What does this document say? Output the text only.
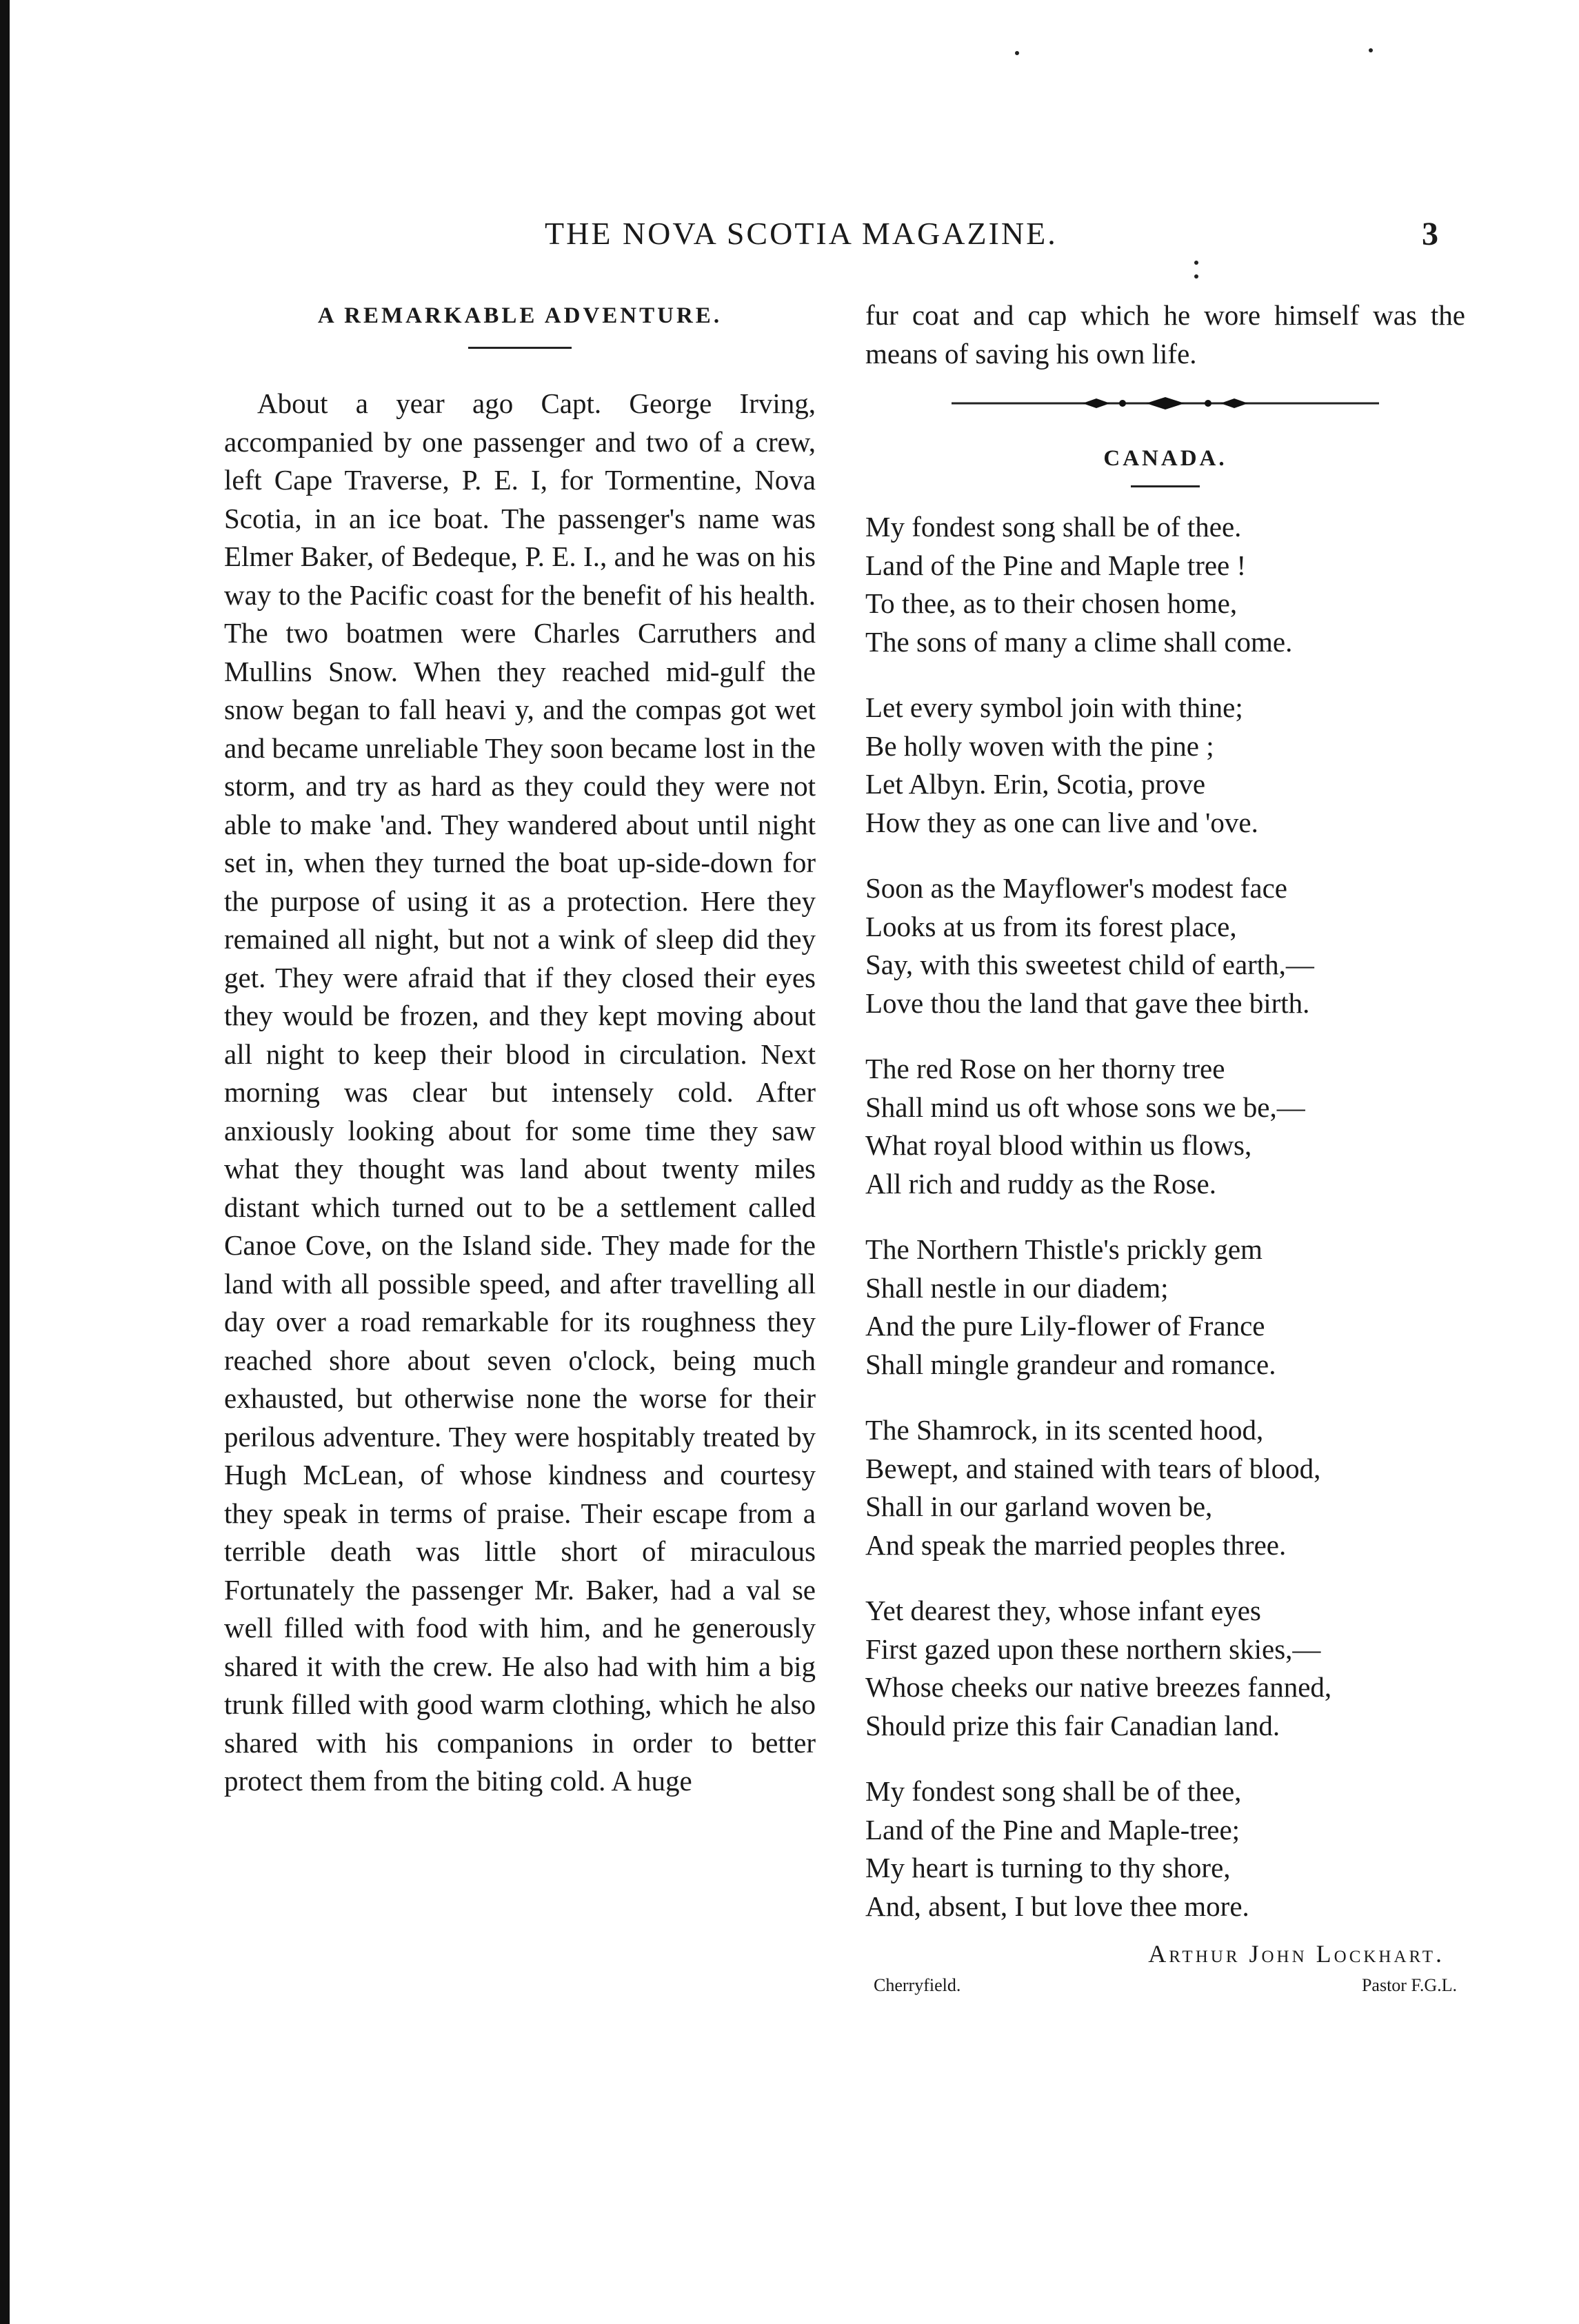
THE NOVA SCOTIA MAGAZINE.	3
A REMARKABLE ADVENTURE.

About a year ago Capt. George Irving, accompanied by one passenger and two of a crew, left Cape Traverse, P. E. I, for Tormentine, Nova Scotia, in an ice boat. The passenger's name was Elmer Baker, of Bedeque, P. E. I., and he was on his way to the Pacific coast for the benefit of his health. The two boatmen were Charles Carruthers and Mullins Snow. When they reached mid-gulf the snow began to fall heavi y, and the compas got wet and became unreliable They soon became lost in the storm, and try as hard as they could they were not able to make 'and. They wandered about until night set in, when they turned the boat up-side-down for the purpose of using it as a protection. Here they remained all night, but not a wink of sleep did they get. They were afraid that if they closed their eyes they would be frozen, and they kept moving about all night to keep their blood in circulation. Next morning was clear but intensely cold. After anxiously looking about for some time they saw what they thought was land about twenty miles distant which turned out to be a settlement called Canoe Cove, on the Island side. They made for the land with all possible speed, and after travelling all day over a road remarkable for its roughness they reached shore about seven o'clock, being much exhausted, but otherwise none the worse for their perilous adventure. They were hospitably treated by Hugh McLean, of whose kindness and courtesy they speak in terms of praise. Their escape from a terrible death was little short of miraculous Fortunately the passenger Mr. Baker, had a val se well filled with food with him, and he generously shared it with the crew. He also had with him a big trunk filled with good warm clothing, which he also shared with his companions in order to better protect them from the biting cold. A huge

fur coat and cap which he wore himself was the means of saving his own life.

CANADA.
My fondest song shall be of thee.
Land of the Pine and Maple tree !
To thee, as to their chosen home,
The sons of many a clime shall come.
Let every symbol join with thine;
Be holly woven with the pine ;
Let Albyn. Erin, Scotia, prove
How they as one can live and 'ove.
Soon as the Mayflower's modest face
Looks at us from its forest place,
Say, with this sweetest child of earth,—
Love thou the land that gave thee birth.
The red Rose on her thorny tree
Shall mind us oft whose sons we be,—
What royal blood within us flows,
All rich and ruddy as the Rose.
The Northern Thistle's prickly gem
Shall nestle in our diadem;
And the pure Lily-flower of France
Shall mingle grandeur and romance.
The Shamrock, in its scented hood,
Bewept, and stained with tears of blood,
Shall in our garland woven be,
And speak the married peoples three.
Yet dearest they, whose infant eyes
First gazed upon these northern skies,—
Whose cheeks our native breezes fanned,
Should prize this fair Canadian land.
My fondest song shall be of thee,
Land of the Pine and Maple-tree;
My heart is turning to thy shore,
And, absent, I but love thee more.
Arthur John Lockhart.
Cherryfield.	Pastor F.G.L.
